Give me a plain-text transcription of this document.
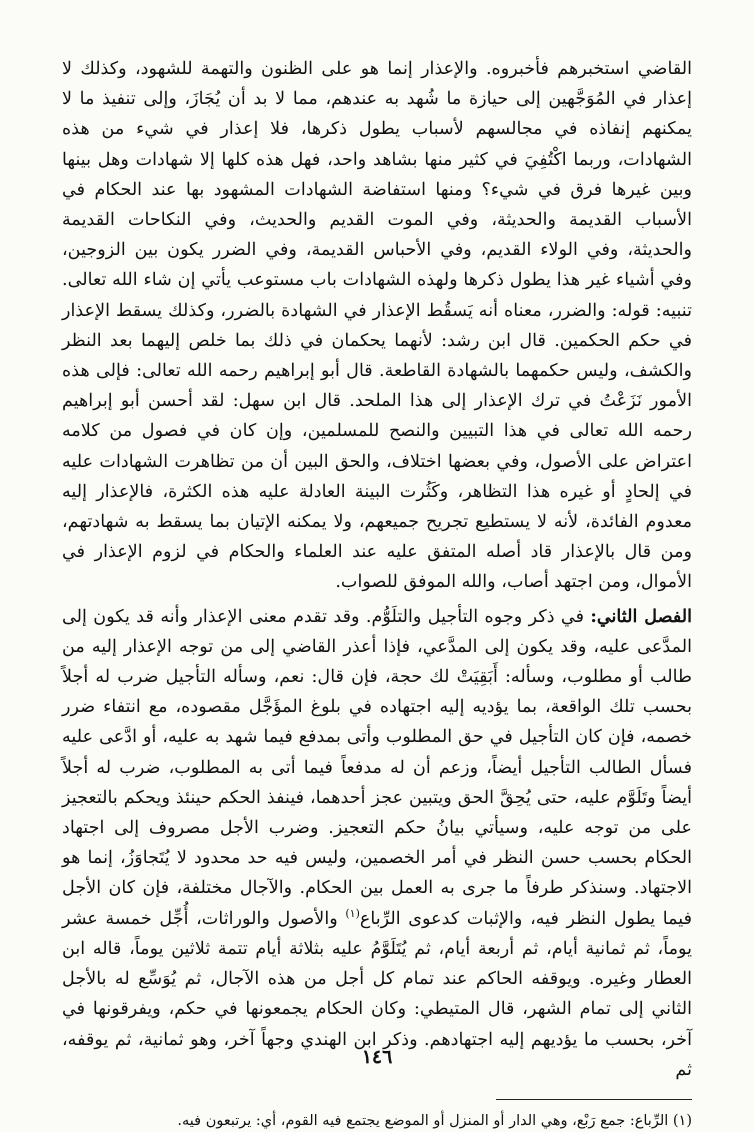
القاضي استخبرهم فأخبروه. والإعذار إنما هو على الظنون والتهمة للشهود، وكذلك لا إعذار في المُوَجَّهين إلى حيازة ما شُهد به عندهم، مما لا بد أن يُجَازَ، وإلى تنفيذ ما لا يمكنهم إنفاذه في مجالسهم لأسباب يطول ذكرها، فلا إعذار في شيء من هذه الشهادات، وربما اكْتُفِيَ في كثير منها بشاهد واحد، فهل هذه كلها إلا شهادات وهل بينها وبين غيرها فرق في شيء؟ ومنها استفاضة الشهادات المشهود بها عند الحكام في الأسباب القديمة والحديثة، وفي الموت القديم والحديث، وفي النكاحات القديمة والحديثة، وفي الولاء القديم، وفي الأحباس القديمة، وفي الضرر يكون بين الزوجين، وفي أشياء غير هذا يطول ذكرها ولهذه الشهادات باب مستوعب يأتي إن شاء الله تعالى. تنبيه: قوله: والضرر، معناه أنه يَسقُط الإعذار في الشهادة بالضرر، وكذلك يسقط الإعذار في حكم الحكمين. قال ابن رشد: لأنهما يحكمان في ذلك بما خلص إليهما بعد النظر والكشف، وليس حكمهما بالشهادة القاطعة. قال أبو إبراهيم رحمه الله تعالى: فإلى هذه الأمور نَزَعْتُ في ترك الإعذار إلى هذا الملحد. قال ابن سهل: لقد أحسن أبو إبراهيم رحمه الله تعالى في هذا التبيين والنصح للمسلمين، وإن كان في فصول من كلامه اعتراض على الأصول، وفي بعضها اختلاف، والحق البين أن من تظاهرت الشهادات عليه في إلحادٍ أو غيره هذا التظاهر، وكَثُرت البينة العادلة عليه هذه الكثرة، فالإعذار إليه معدوم الفائدة، لأنه لا يستطيع تجريح جميعهم، ولا يمكنه الإتيان بما يسقط به شهادتهم، ومن قال بالإعذار قاد أصله المتفق عليه عند العلماء والحكام في لزوم الإعذار في الأموال، ومن اجتهد أصاب، والله الموفق للصواب.

الفصل الثاني: في ذكر وجوه التأجيل والتلَوُّم. وقد تقدم معنى الإعذار وأنه قد يكون إلى المدَّعى عليه، وقد يكون إلى المدَّعي، فإذا أعذر القاضي إلى من توجه الإعذار إليه من طالب أو مطلوب، وسأله: أَبَقِيَتْ لك حجة، فإن قال: نعم، وسأله التأجيل ضرب له أجلاً بحسب تلك الواقعة، بما يؤديه إليه اجتهاده في بلوغ المؤَجَّل مقصوده، مع انتفاء ضرر خصمه، فإن كان التأجيل في حق المطلوب وأتى بمدفع فيما شهد به عليه، أو ادَّعى عليه فسأل الطالب التأجيل أيضاً، وزعم أن له مدفعاً فيما أتى به المطلوب، ضرب له أجلاً أيضاً وتَلَوَّم عليه، حتى يُحِقَّ الحق ويتبين عجز أحدهما، فينفذ الحكم حينئذ ويحكم بالتعجيز على من توجه عليه، وسيأتي بيانُ حكم التعجيز. وضرب الأجل مصروف إلى اجتهاد الحكام بحسب حسن النظر في أمر الخصمين، وليس فيه حد محدود لا يُتَجاوَزُ، إنما هو الاجتهاد. وسنذكر طرفاً ما جرى به العمل بين الحكام. والآجال مختلفة، فإن كان الأجل فيما يطول النظر فيه، والإثبات كدعوى الرِّباع$^{(١)}$ والأصول والوراثات، أُجِّل خمسة عشر يوماً، ثم ثمانية أيام، ثم أربعة أيام، ثم يُتَلَوَّمُ عليه بثلاثة أيام تتمة ثلاثين يوماً، قاله ابن العطار وغيره. ويوقفه الحاكم عند تمام كل أجل من هذه الآجال، ثم يُوَسِّع له بالأجل الثاني إلى تمام الشهر، قال المتيطي: وكان الحكام يجمعونها في حكم، ويفرقونها في آخر، بحسب ما يؤديهم إليه اجتهادهم. وذكر ابن الهندي وجهاً آخر، وهو ثمانية، ثم يوقفه، ثم

(١) الرِّباع: جمع رَبْع، وهي الدار أو المنزل أو الموضع يجتمع فيه القوم، أي: يرتبعون فيه.

١٤٦
